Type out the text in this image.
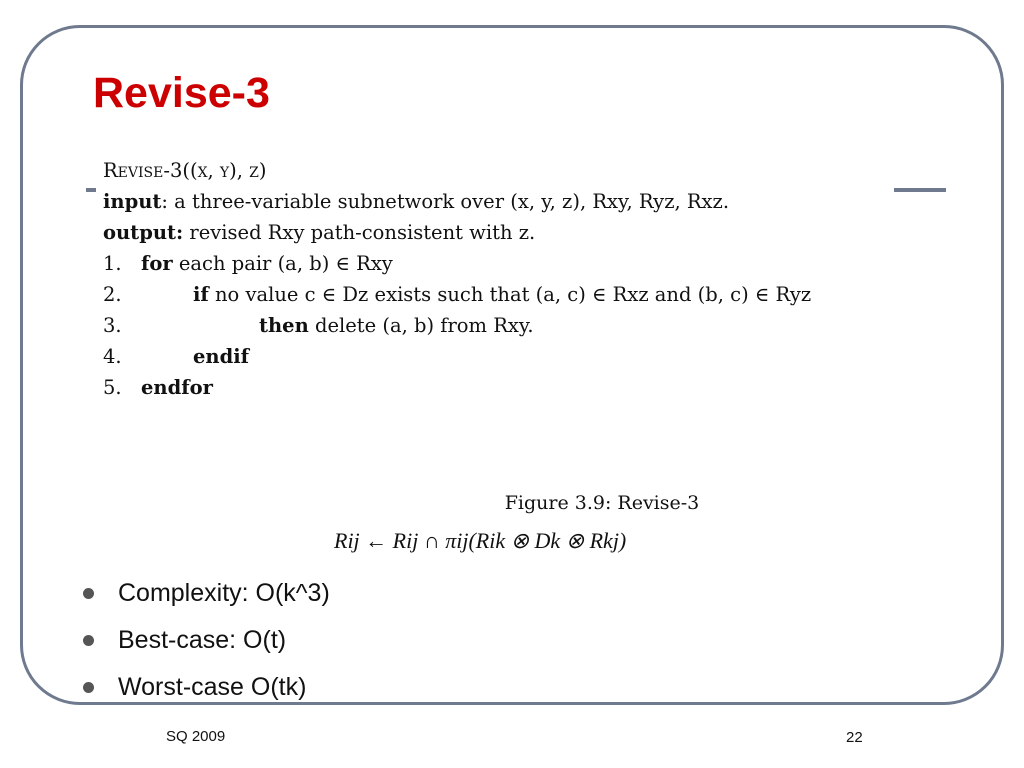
Revise-3
Revise-3((x, y), z)
input: a three-variable subnetwork over (x, y, z), Rxy, Ryz, Rxz.
output: revised Rxy path-consistent with z.
1. for each pair (a, b) ∈ Rxy
2.	if no value c ∈ Dz exists such that (a, c) ∈ Rxz and (b, c) ∈ Ryz
3.	then delete (a, b) from Rxy.
4.	endif
5. endfor
Figure 3.9: Revise-3
Rij ← Rij ∩ πij(Rik ⊗ Dk ⊗ Rkj)
Complexity: O(k^3)
Best-case: O(t)
Worst-case O(tk)
SQ 2009	22
